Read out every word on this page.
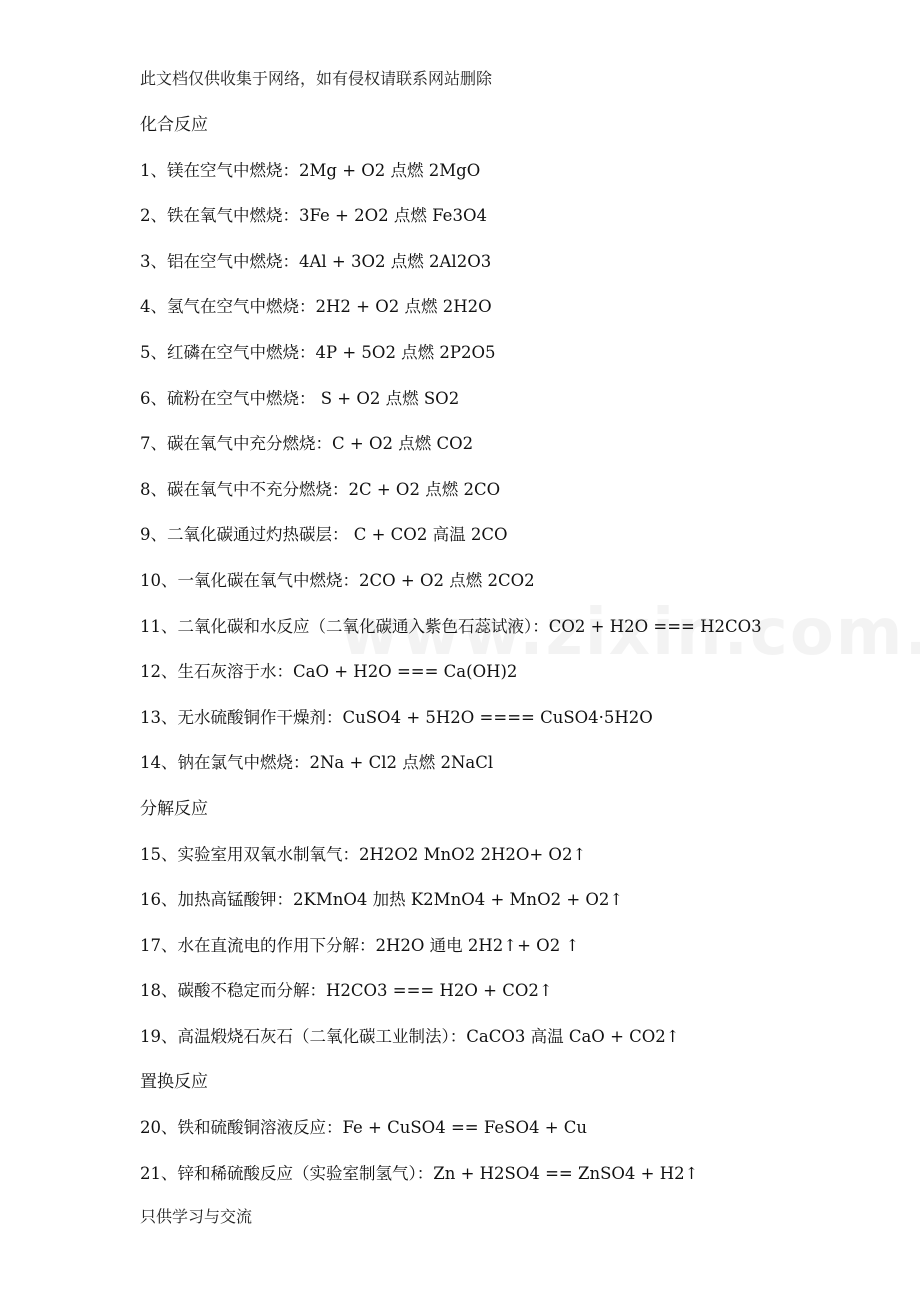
此文档仅供收集于网络，如有侵权请联系网站删除
化合反应
1、镁在空气中燃烧：2Mg + O2 点燃 2MgO
2、铁在氧气中燃烧：3Fe + 2O2 点燃 Fe3O4
3、铝在空气中燃烧：4Al + 3O2 点燃 2Al2O3
4、氢气在空气中燃烧：2H2 + O2 点燃 2H2O
5、红磷在空气中燃烧：4P + 5O2 点燃 2P2O5
6、硫粉在空气中燃烧： S + O2 点燃 SO2
7、碳在氧气中充分燃烧：C + O2 点燃 CO2
8、碳在氧气中不充分燃烧：2C + O2 点燃 2CO
9、二氧化碳通过灼热碳层： C + CO2 高温 2CO
10、一氧化碳在氧气中燃烧：2CO + O2 点燃 2CO2
11、二氧化碳和水反应（二氧化碳通入紫色石蕊试液）：CO2 + H2O === H2CO3
12、生石灰溶于水：CaO + H2O === Ca(OH)2
13、无水硫酸铜作干燥剂：CuSO4 + 5H2O ==== CuSO4·5H2O
14、钠在氯气中燃烧：2Na + Cl2 点燃 2NaCl
分解反应
15、实验室用双氧水制氧气：2H2O2 MnO2 2H2O+ O2↑
16、加热高锰酸钾：2KMnO4 加热 K2MnO4 + MnO2 + O2↑
17、水在直流电的作用下分解：2H2O 通电 2H2↑+ O2 ↑
18、碳酸不稳定而分解：H2CO3 === H2O + CO2↑
19、高温煅烧石灰石（二氧化碳工业制法）：CaCO3 高温 CaO + CO2↑
置换反应
20、铁和硫酸铜溶液反应：Fe + CuSO4 == FeSO4 + Cu
21、锌和稀硫酸反应（实验室制氢气）：Zn + H2SO4 == ZnSO4 + H2↑
只供学习与交流
